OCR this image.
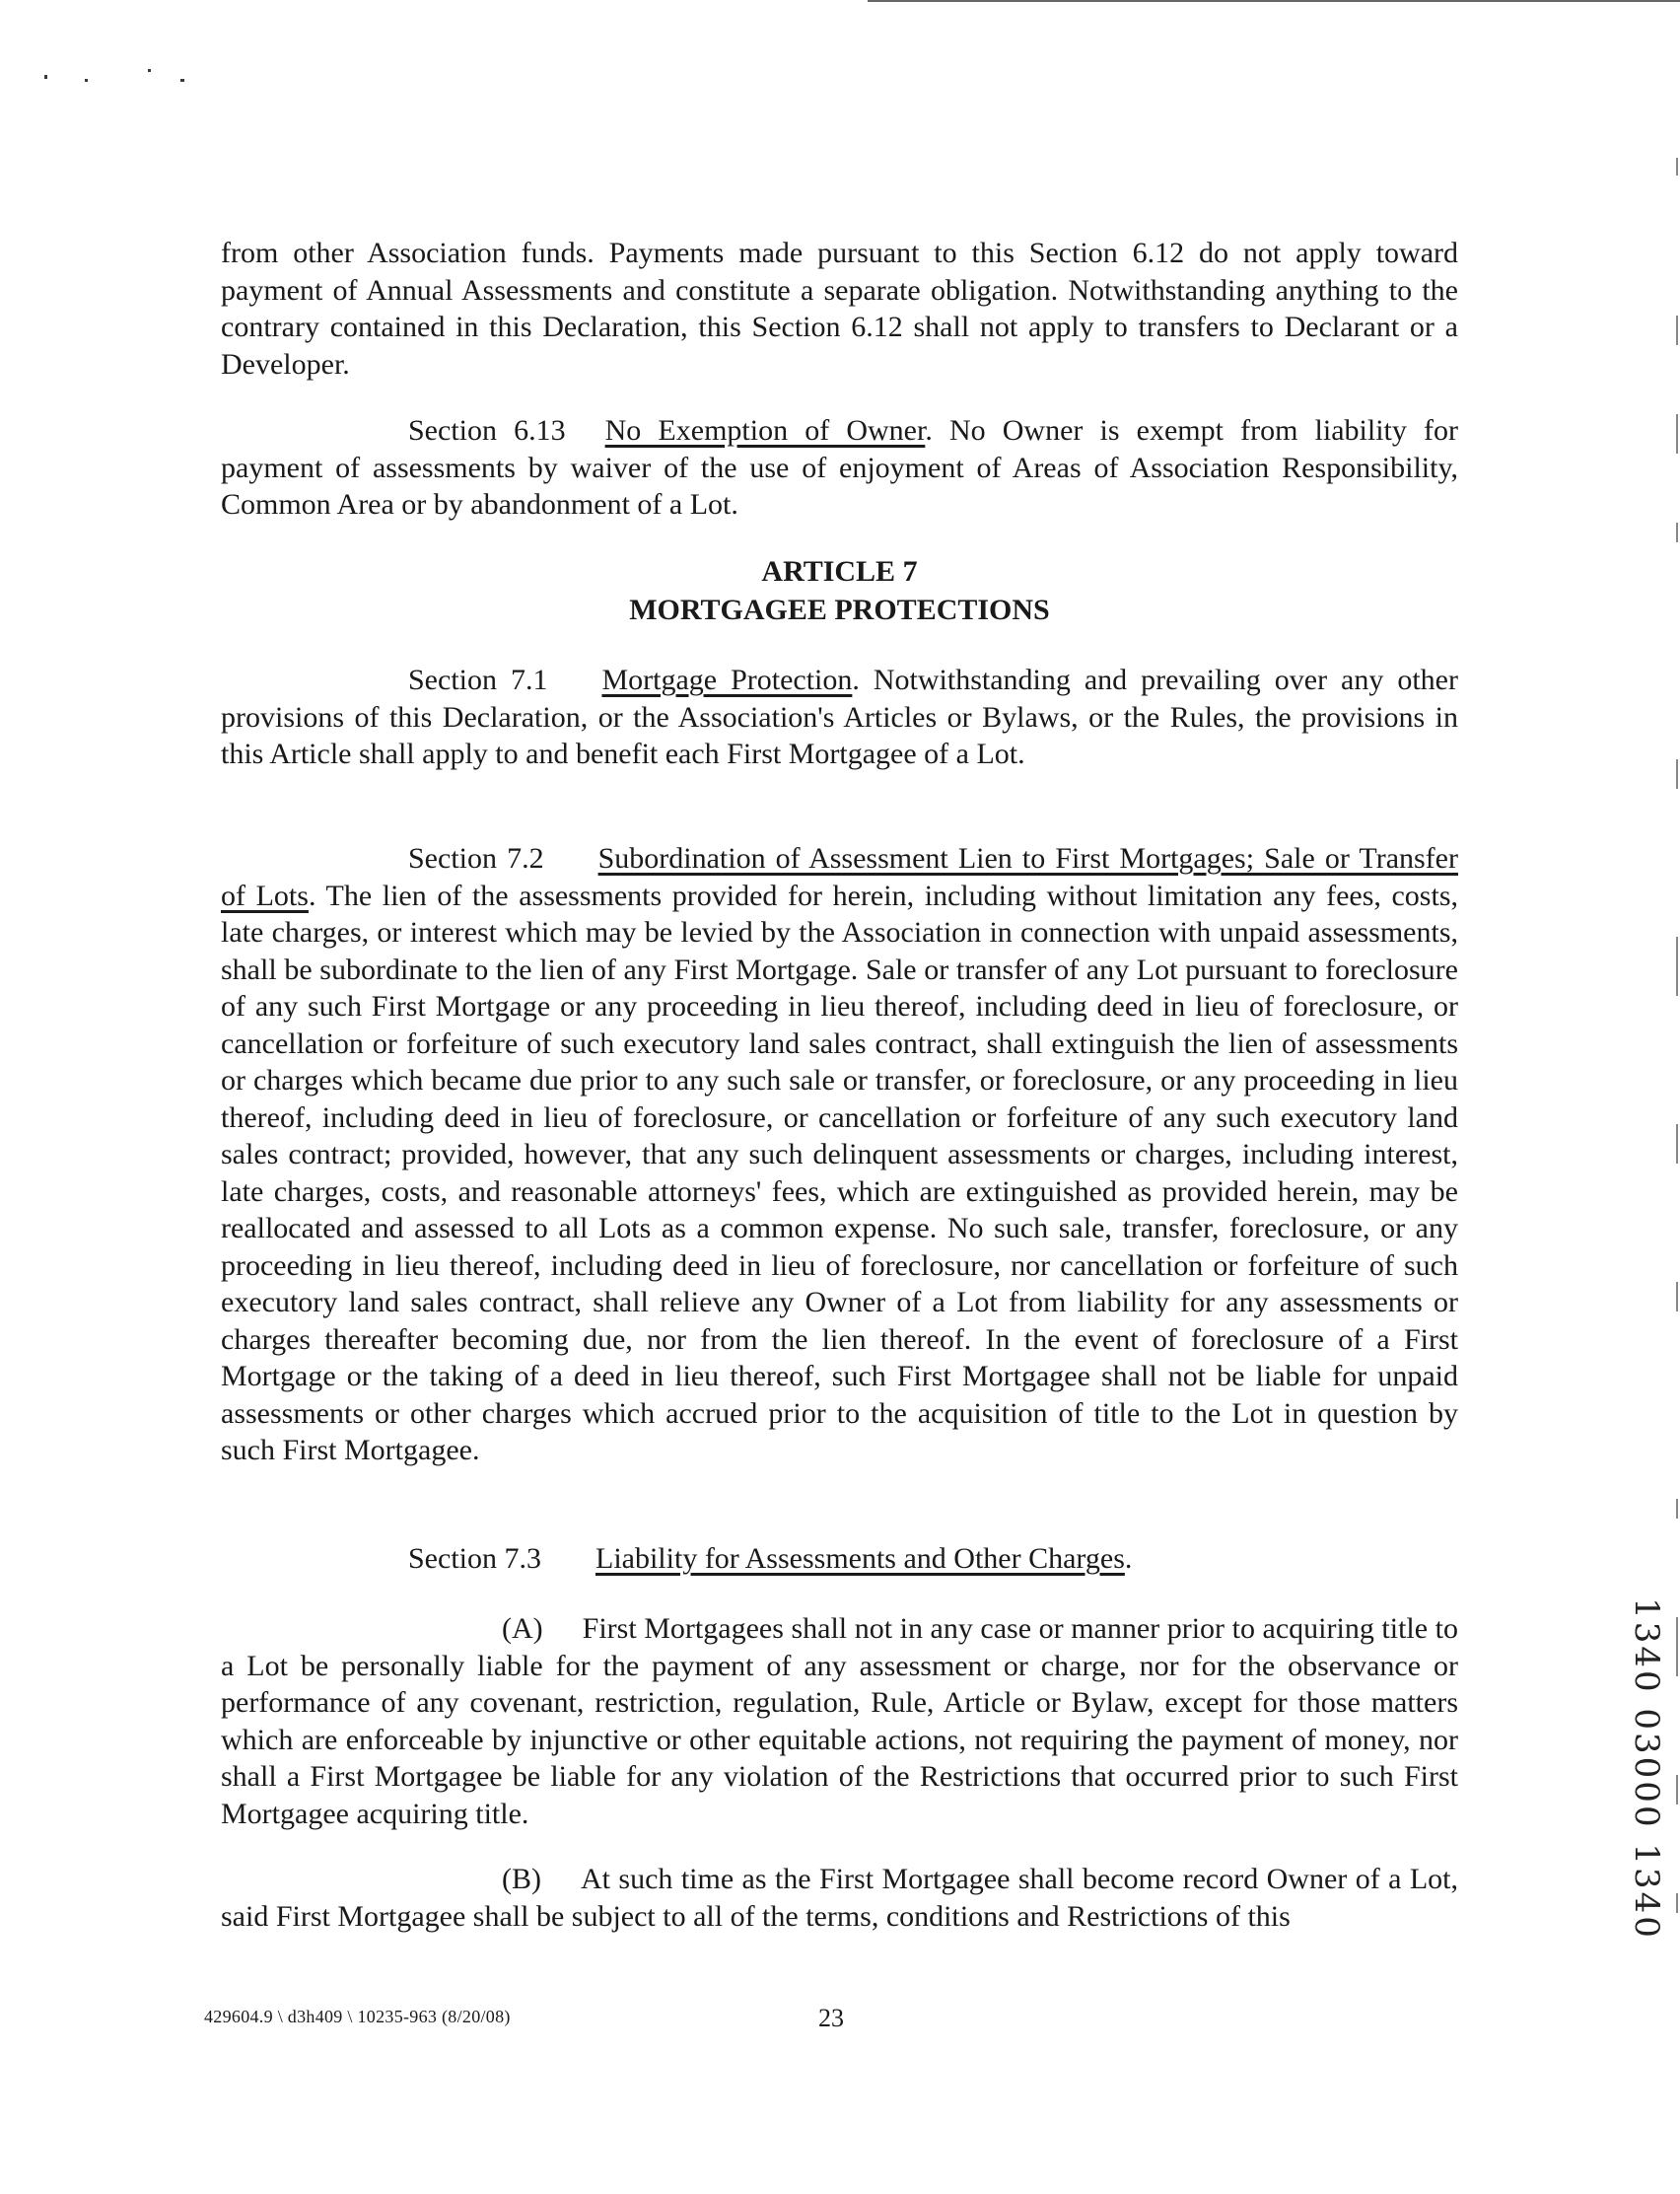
from other Association funds. Payments made pursuant to this Section 6.12 do not apply toward payment of Annual Assessments and constitute a separate obligation. Notwithstanding anything to the contrary contained in this Declaration, this Section 6.12 shall not apply to transfers to Declarant or a Developer.

Section 6.13 No Exemption of Owner. No Owner is exempt from liability for payment of assessments by waiver of the use of enjoyment of Areas of Association Responsibility, Common Area or by abandonment of a Lot.

ARTICLE 7
MORTGAGEE PROTECTIONS

Section 7.1 Mortgage Protection. Notwithstanding and prevailing over any other provisions of this Declaration, or the Association's Articles or Bylaws, or the Rules, the provisions in this Article shall apply to and benefit each First Mortgagee of a Lot.

Section 7.2 Subordination of Assessment Lien to First Mortgages; Sale or Transfer of Lots. The lien of the assessments provided for herein, including without limitation any fees, costs, late charges, or interest which may be levied by the Association in connection with unpaid assessments, shall be subordinate to the lien of any First Mortgage. Sale or transfer of any Lot pursuant to foreclosure of any such First Mortgage or any proceeding in lieu thereof, including deed in lieu of foreclosure, or cancellation or forfeiture of such executory land sales contract, shall extinguish the lien of assessments or charges which became due prior to any such sale or transfer, or foreclosure, or any proceeding in lieu thereof, including deed in lieu of foreclosure, or cancellation or forfeiture of any such executory land sales contract; provided, however, that any such delinquent assessments or charges, including interest, late charges, costs, and reasonable attorneys' fees, which are extinguished as provided herein, may be reallocated and assessed to all Lots as a common expense. No such sale, transfer, foreclosure, or any proceeding in lieu thereof, including deed in lieu of foreclosure, nor cancellation or forfeiture of such executory land sales contract, shall relieve any Owner of a Lot from liability for any assessments or charges thereafter becoming due, nor from the lien thereof. In the event of foreclosure of a First Mortgage or the taking of a deed in lieu thereof, such First Mortgagee shall not be liable for unpaid assessments or other charges which accrued prior to the acquisition of title to the Lot in question by such First Mortgagee.

Section 7.3 Liability for Assessments and Other Charges.

(A) First Mortgagees shall not in any case or manner prior to acquiring title to a Lot be personally liable for the payment of any assessment or charge, nor for the observance or performance of any covenant, restriction, regulation, Rule, Article or Bylaw, except for those matters which are enforceable by injunctive or other equitable actions, not requiring the payment of money, nor shall a First Mortgagee be liable for any violation of the Restrictions that occurred prior to such First Mortgagee acquiring title.

(B) At such time as the First Mortgagee shall become record Owner of a Lot, said First Mortgagee shall be subject to all of the terms, conditions and Restrictions of this

429604.9 \ d3h409 \ 10235-963 (8/20/08)	23
1340 03000 1340
